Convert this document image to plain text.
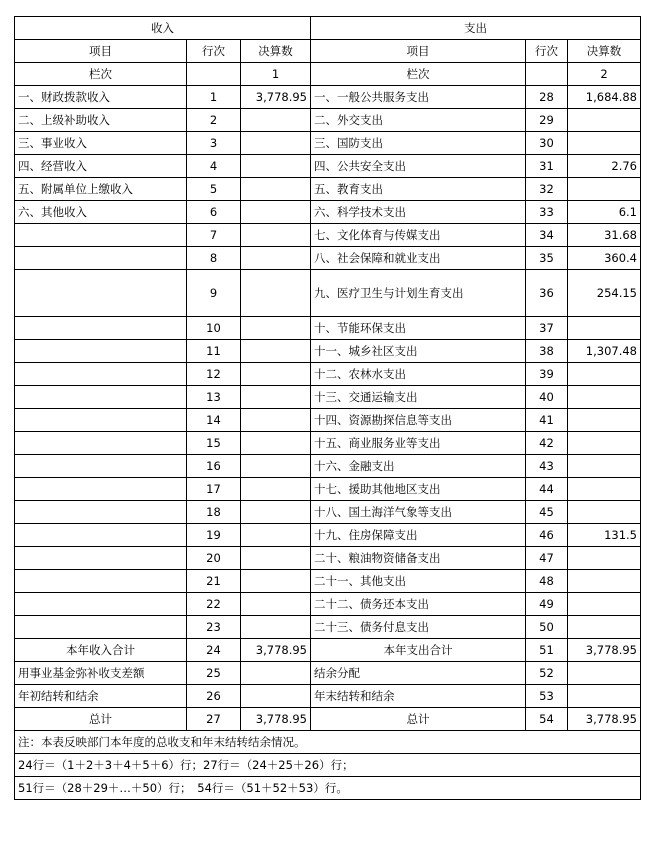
收入			支出		
项目	行次	决算数	项目	行次	决算数
栏次		1	栏次		2
一、财政拨款收入	1	3,778.95	一、一般公共服务支出	28	1,684.88
二、上级补助收入	2		二、外交支出	29	
三、事业收入	3		三、国防支出	30	
四、经营收入	4		四、公共安全支出	31	2.76
五、附属单位上缴收入	5		五、教育支出	32	
六、其他收入	6		六、科学技术支出	33	6.1
	7		七、文化体育与传媒支出	34	31.68
	8		八、社会保障和就业支出	35	360.4
	9		九、医疗卫生与计划生育支出	36	254.15
	10		十、节能环保支出	37	
	11		十一、城乡社区支出	38	1,307.48
	12		十二、农林水支出	39	
	13		十三、交通运输支出	40	
	14		十四、资源勘探信息等支出	41	
	15		十五、商业服务业等支出	42	
	16		十六、金融支出	43	
	17		十七、援助其他地区支出	44	
	18		十八、国土海洋气象等支出	45	
	19		十九、住房保障支出	46	131.5
	20		二十、粮油物资储备支出	47	
	21		二十一、其他支出	48	
	22		二十二、债务还本支出	49	
	23		二十三、债务付息支出	50	
本年收入合计	24	3,778.95	本年支出合计	51	3,778.95
用事业基金弥补收支差额	25		结余分配	52	
年初结转和结余	26		年末结转和结余	53	
总计	27	3,778.95	总计	54	3,778.95
注：本表反映部门本年度的总收支和年末结转结余情况。					
24行＝（1＋2＋3＋4＋5＋6）行；27行＝（24＋25＋26）行；					
51行＝（28＋29＋…＋50）行；　54行＝（51＋52＋53）行。					
